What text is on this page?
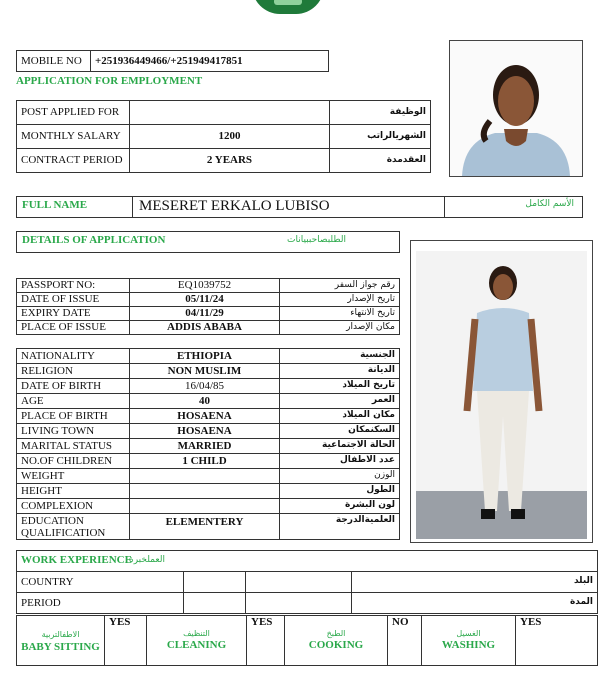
MOBILE NO	+251936449466/+251949417851
APPLICATION FOR EMPLOYMENT
POST APPLIED FOR		الوظيفة
MONTHLY SALARY	1200	الشهريالراتب
CONTRACT PERIOD	2 YEARS	العقدمدة
FULL NAME	MESERET ERKALO LUBISO	الأسم الكامل
DETAILS OF APPLICATION	الطلبصاحببيانات
PASSPORT NO:	EQ1039752	رقم جواز السفر
DATE OF ISSUE	05/11/24	تاريخ الإصدار
EXPIRY DATE	04/11/29	تاريخ الانتهاء
PLACE OF ISSUE	ADDIS ABABA	مكان الإصدار
NATIONALITY	ETHIOPIA	الجنسية
RELIGION	NON MUSLIM	الديانة
DATE OF BIRTH	16/04/85	تاريخ الميلاد
AGE	40	العمر
PLACE OF BIRTH	HOSAENA	مكان الميلاد
LIVING TOWN	HOSAENA	السكنمكان
MARITAL STATUS	MARRIED	الحالة الاجتماعية
NO.OF CHILDREN	1 CHILD	عدد الاطفال
WEIGHT		الوزن
HEIGHT		الطول
COMPLEXION		لون البشرة
EDUCATION QUALIFICATION	ELEMENTERY	العلميةالدرجة
WORK EXPERIENCE
العملخبرة
COUNTRY			البلد
PERIOD			المدة
الاطفالتربية
BABY SITTING	YES	
التنظيف
CLEANING	YES	
الطبخ
COOKING	NO	
الغسيل
WASHING	YES
